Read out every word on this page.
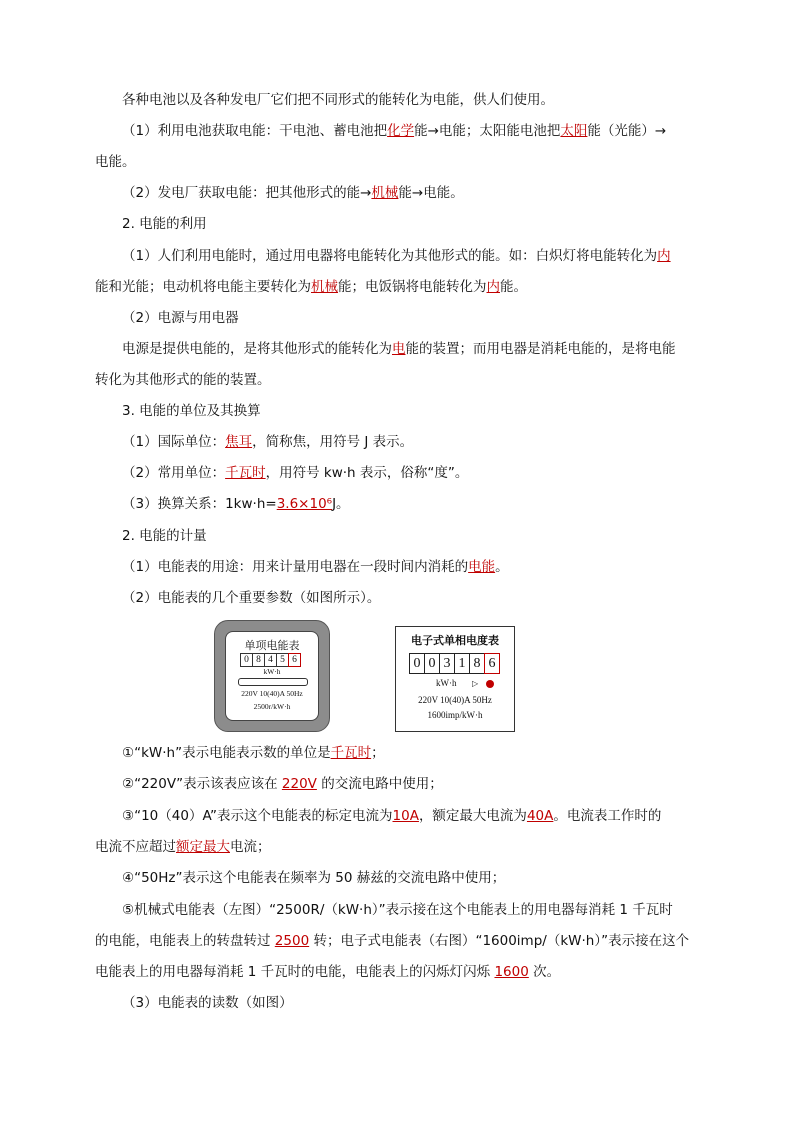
各种电池以及各种发电厂它们把不同形式的能转化为电能，供人们使用。
（1）利用电池获取电能：干电池、蓄电池把化学能→电能；太阳能电池把太阳能（光能）→
电能。
（2）发电厂获取电能：把其他形式的能→机械能→电能。
2. 电能的利用
（1）人们利用电能时，通过用电器将电能转化为其他形式的能。如：白炽灯将电能转化为内
能和光能；电动机将电能主要转化为机械能；电饭锅将电能转化为内能。
（2）电源与用电器
电源是提供电能的，是将其他形式的能转化为电能的装置；而用电器是消耗电能的，是将电能
转化为其他形式的能的装置。
3. 电能的单位及其换算
（1）国际单位：焦耳，简称焦，用符号 J 表示。
（2）常用单位：千瓦时，用符号 kw·h 表示，俗称“度”。
（3）换算关系：1kw·h=3.6×10⁶J。
2. 电能的计量
（1）电能表的用途：用来计量用电器在一段时间内消耗的电能。
（2）电能表的几个重要参数（如图所示）。
单项电能表
0 8 4 5 6
kW·h
220V 10(40)A 50Hz
2500r/kW·h
电子式单相电度表
0 0 3 1 8 6
kW·h ▷
220V 10(40)A 50Hz
1600imp/kW·h
①“kW·h”表示电能表示数的单位是千瓦时；
②“220V”表示该表应该在 220V 的交流电路中使用；
③“10（40）A”表示这个电能表的标定电流为10A，额定最大电流为40A。电流表工作时的
电流不应超过额定最大电流；
④“50Hz”表示这个电能表在频率为 50 赫兹的交流电路中使用；
⑤机械式电能表（左图）“2500R/（kW·h）”表示接在这个电能表上的用电器每消耗 1 千瓦时
的电能，电能表上的转盘转过 2500 转；电子式电能表（右图）“1600imp/（kW·h）”表示接在这个
电能表上的用电器每消耗 1 千瓦时的电能，电能表上的闪烁灯闪烁 1600 次。
（3）电能表的读数（如图）
